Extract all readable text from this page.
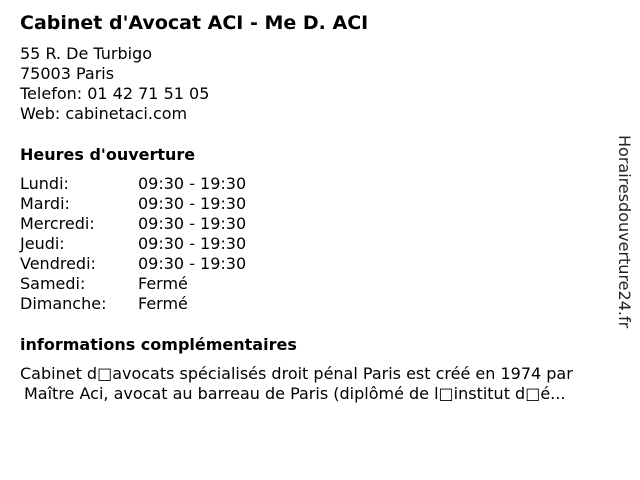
Cabinet d'Avocat ACI - Me D. ACI
55 R. De Turbigo
75003 Paris
Telefon: 01 42 71 51 05
Web: cabinetaci.com
Heures d'ouverture
Lundi:	09:30 - 19:30
Mardi:	09:30 - 19:30
Mercredi:	09:30 - 19:30
Jeudi:	09:30 - 19:30
Vendredi:	09:30 - 19:30
Samedi:	Fermé
Dimanche:	Fermé
informations complémentaires
Cabinet d□avocats spécialisés droit pénal Paris est créé en 1974 par
Maître Aci, avocat au barreau de Paris (diplômé de l□institut d□é...
Horairesdouverture24.fr
